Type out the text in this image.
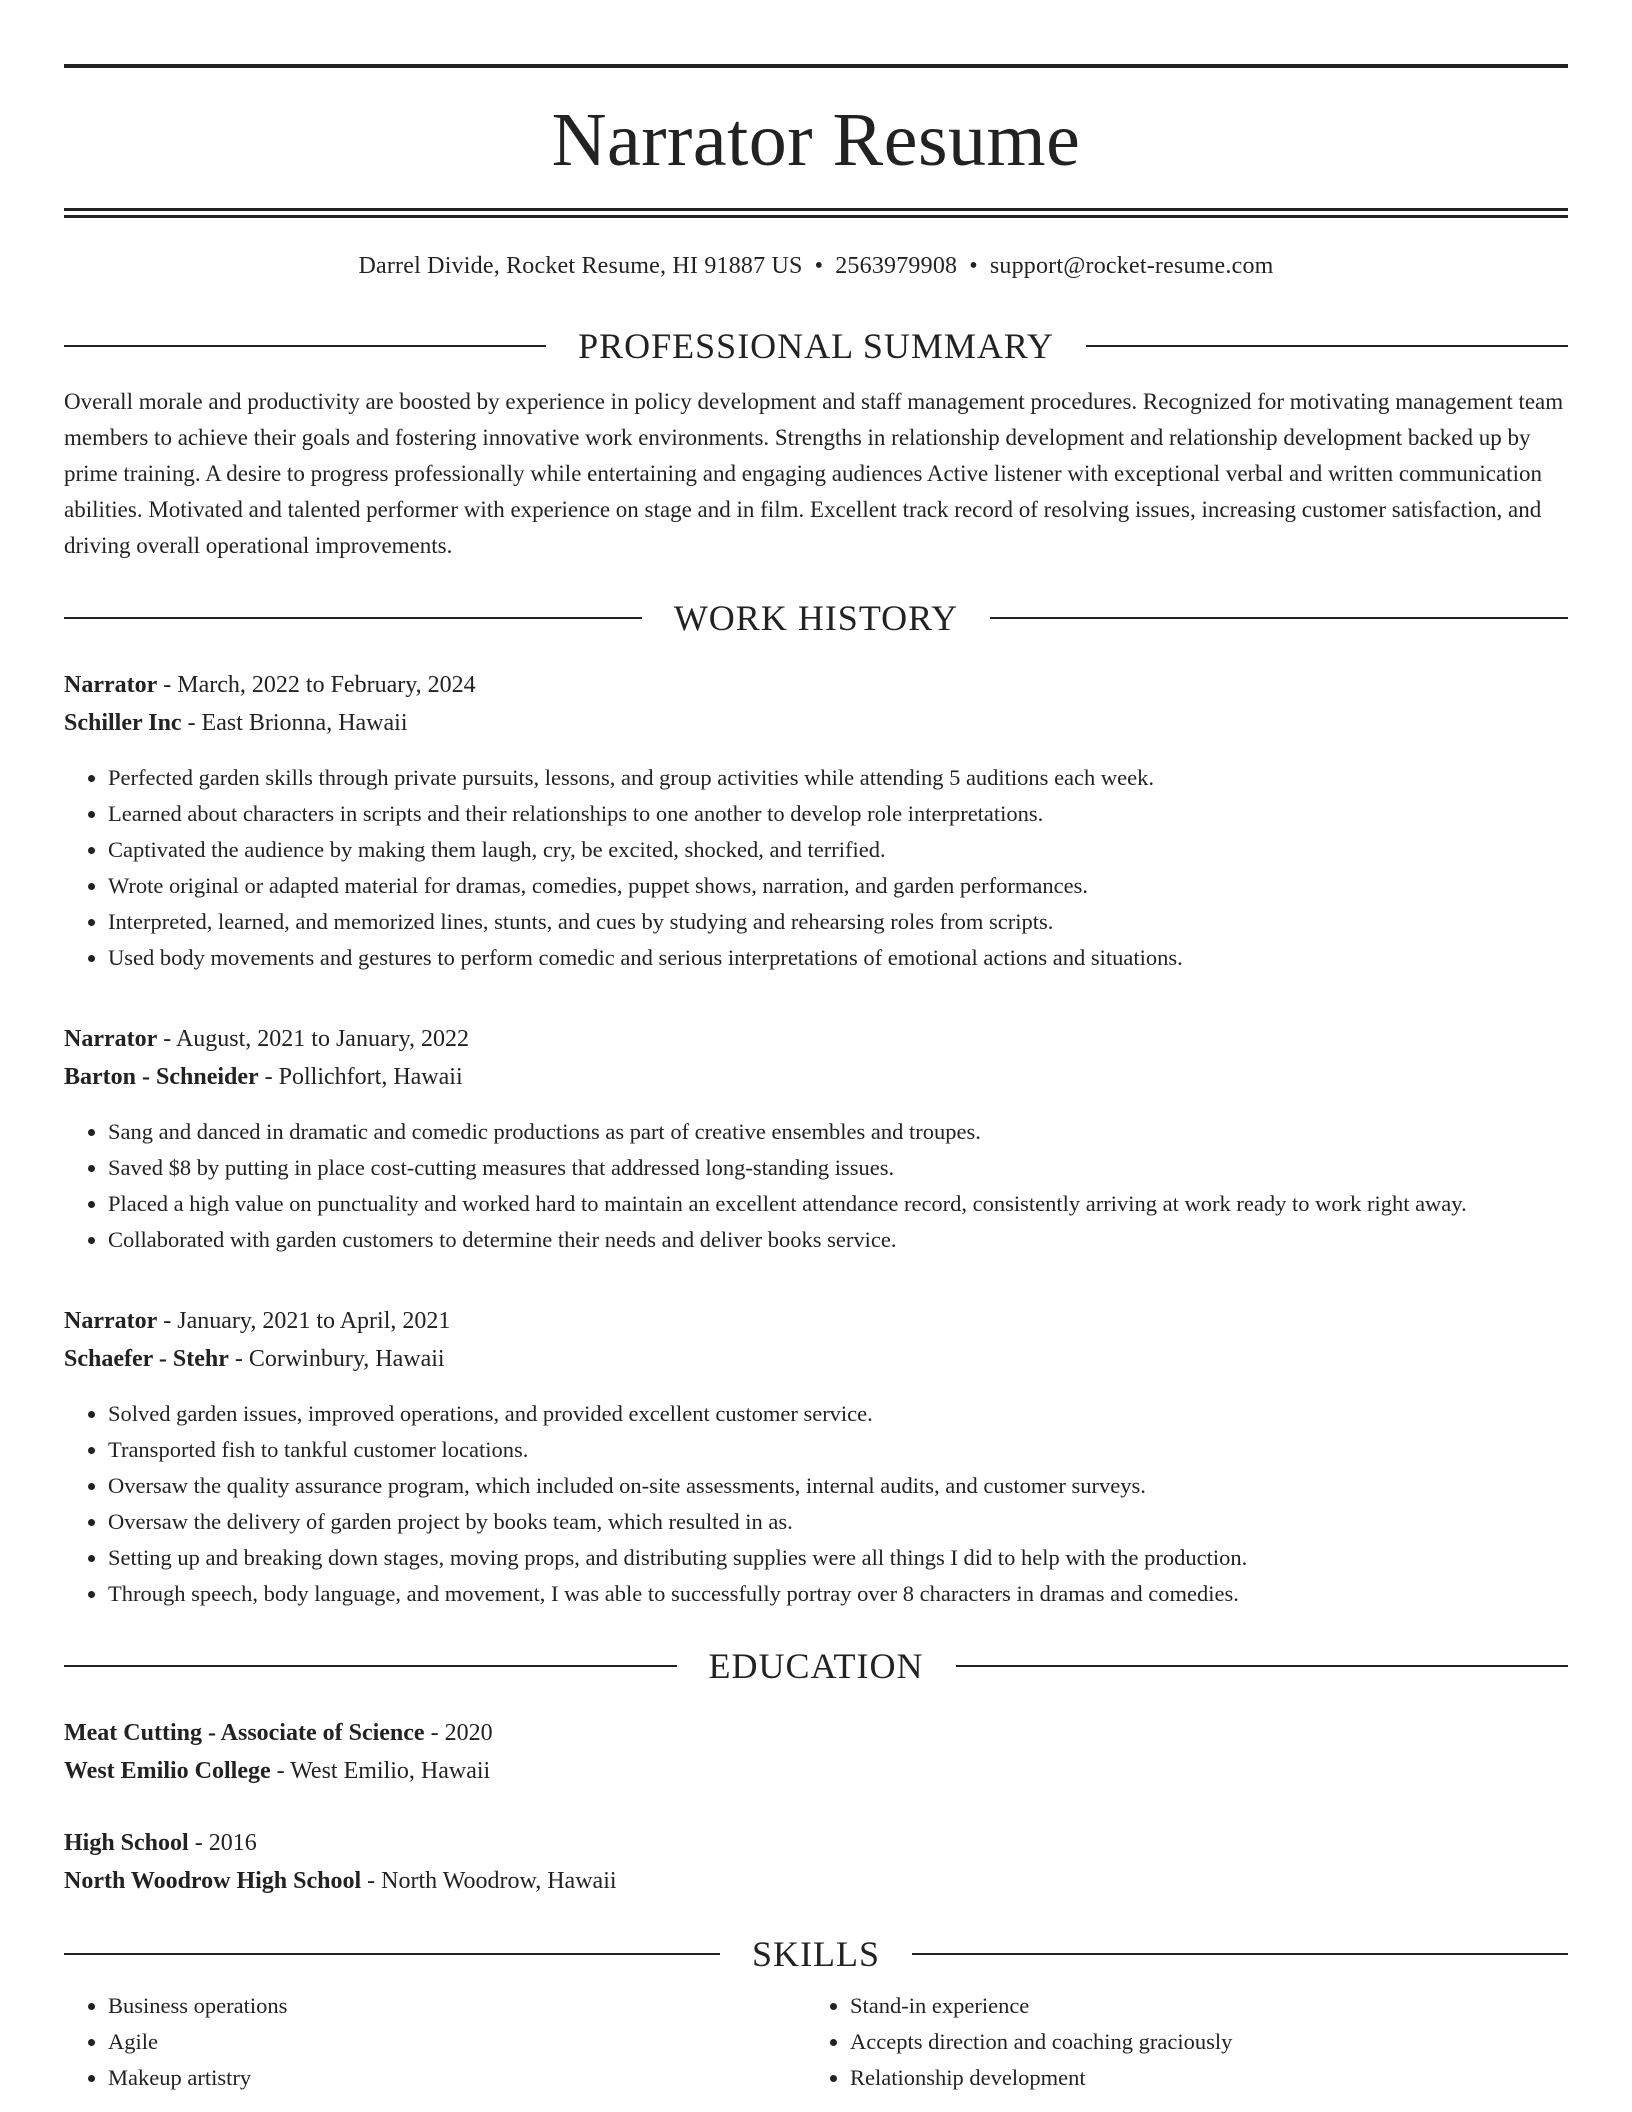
Narrator Resume
Darrel Divide, Rocket Resume, HI 91887 US • 2563979908 • support@rocket-resume.com
PROFESSIONAL SUMMARY

Overall morale and productivity are boosted by experience in policy development and staff management procedures. Recognized for motivating management team members to achieve their goals and fostering innovative work environments. Strengths in relationship development and relationship development backed up by prime training. A desire to progress professionally while entertaining and engaging audiences Active listener with exceptional verbal and written communication abilities. Motivated and talented performer with experience on stage and in film. Excellent track record of resolving issues, increasing customer satisfaction, and driving overall operational improvements.

WORK HISTORY

Narrator - March, 2022 to February, 2024

Schiller Inc - East Brionna, Hawaii

• Perfected garden skills through private pursuits, lessons, and group activities while attending 5 auditions each week.
• Learned about characters in scripts and their relationships to one another to develop role interpretations.
• Captivated the audience by making them laugh, cry, be excited, shocked, and terrified.
• Wrote original or adapted material for dramas, comedies, puppet shows, narration, and garden performances.
• Interpreted, learned, and memorized lines, stunts, and cues by studying and rehearsing roles from scripts.
• Used body movements and gestures to perform comedic and serious interpretations of emotional actions and situations.

Narrator - August, 2021 to January, 2022

Barton - Schneider - Pollichfort, Hawaii

• Sang and danced in dramatic and comedic productions as part of creative ensembles and troupes.
• Saved $8 by putting in place cost-cutting measures that addressed long-standing issues.
• Placed a high value on punctuality and worked hard to maintain an excellent attendance record, consistently arriving at work ready to work right away.
• Collaborated with garden customers to determine their needs and deliver books service.

Narrator - January, 2021 to April, 2021

Schaefer - Stehr - Corwinbury, Hawaii

• Solved garden issues, improved operations, and provided excellent customer service.
• Transported fish to tankful customer locations.
• Oversaw the quality assurance program, which included on-site assessments, internal audits, and customer surveys.
• Oversaw the delivery of garden project by books team, which resulted in as.
• Setting up and breaking down stages, moving props, and distributing supplies were all things I did to help with the production.
• Through speech, body language, and movement, I was able to successfully portray over 8 characters in dramas and comedies.
EDUCATION

Meat Cutting - Associate of Science - 2020

West Emilio College - West Emilio, Hawaii

High School - 2016

North Woodrow High School - North Woodrow, Hawaii

SKILLS
• Business operations
• Agile
• Makeup artistry
• Stand-in experience
• Accepts direction and coaching graciously
• Relationship development
